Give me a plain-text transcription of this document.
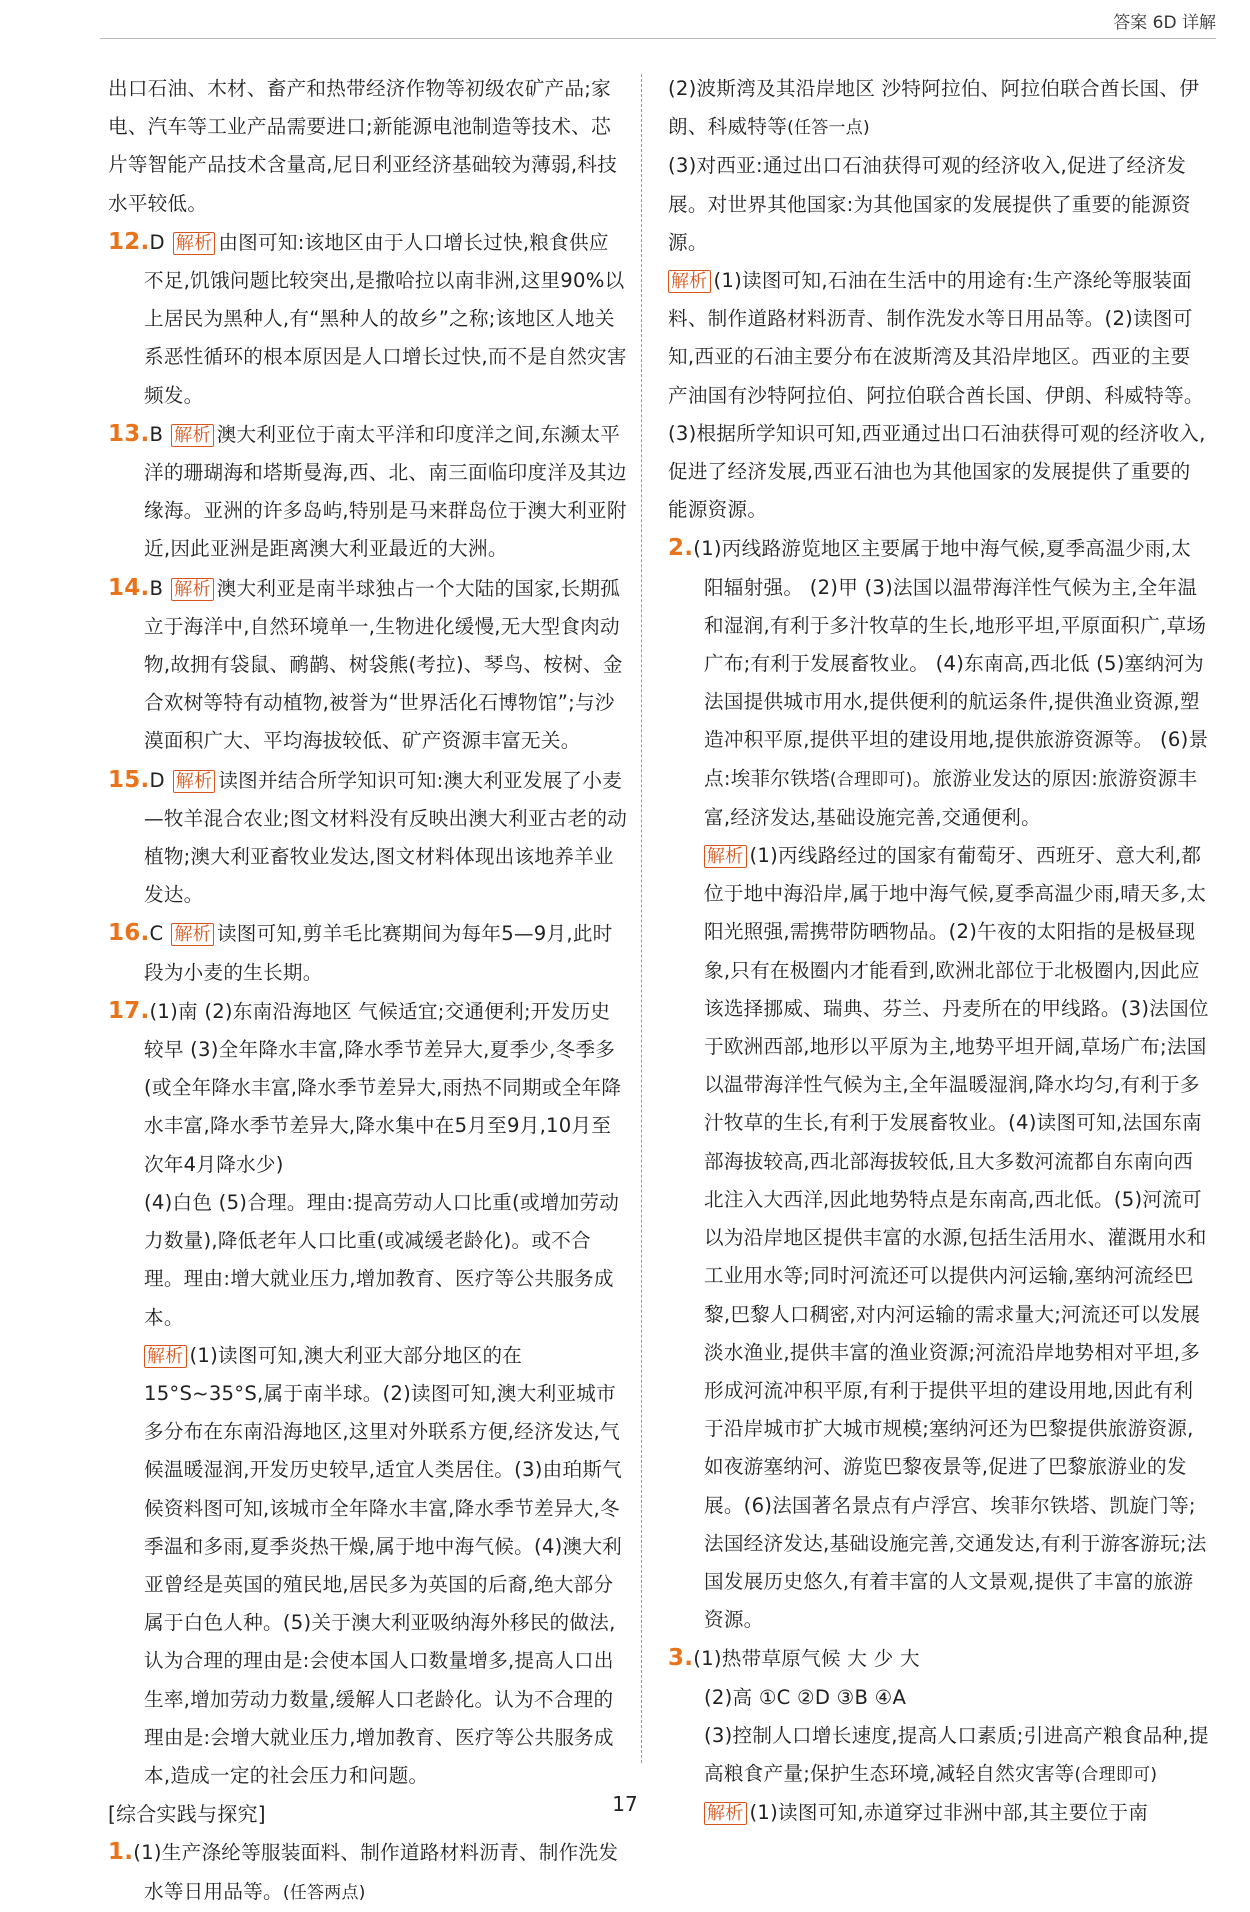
答案 6D 详解

出口石油、木材、畜产和热带经济作物等初级农矿产品;家电、汽车等工业产品需要进口;新能源电池制造等技术、芯片等智能产品技术含量高,尼日利亚经济基础较为薄弱,科技水平较低。

12.D 解析 由图可知:该地区由于人口增长过快,粮食供应不足,饥饿问题比较突出,是撒哈拉以南非洲,这里90%以上居民为黑种人,有“黑种人的故乡”之称;该地区人地关系恶性循环的根本原因是人口增长过快,而不是自然灾害频发。

13.B 解析 澳大利亚位于南太平洋和印度洋之间,东濒太平洋的珊瑚海和塔斯曼海,西、北、南三面临印度洋及其边缘海。亚洲的许多岛屿,特别是马来群岛位于澳大利亚附近,因此亚洲是距离澳大利亚最近的大洲。

14.B 解析 澳大利亚是南半球独占一个大陆的国家,长期孤立于海洋中,自然环境单一,生物进化缓慢,无大型食肉动物,故拥有袋鼠、鸸鹋、树袋熊(考拉)、琴鸟、桉树、金合欢树等特有动植物,被誉为“世界活化石博物馆”;与沙漠面积广大、平均海拔较低、矿产资源丰富无关。

15.D 解析 读图并结合所学知识可知:澳大利亚发展了小麦—牧羊混合农业;图文材料没有反映出澳大利亚古老的动植物;澳大利亚畜牧业发达,图文材料体现出该地养羊业发达。

16.C 解析 读图可知,剪羊毛比赛期间为每年5—9月,此时段为小麦的生长期。

17.(1)南 (2)东南沿海地区 气候适宜;交通便利;开发历史较早 (3)全年降水丰富,降水季节差异大,夏季少,冬季多(或全年降水丰富,降水季节差异大,雨热不同期或全年降水丰富,降水季节差异大,降水集中在5月至9月,10月至次年4月降水少)

(4)白色 (5)合理。理由:提高劳动人口比重(或增加劳动力数量),降低老年人口比重(或减缓老龄化)。或不合理。理由:增大就业压力,增加教育、医疗等公共服务成本。

解析 (1)读图可知,澳大利亚大部分地区的在15°S~35°S,属于南半球。(2)读图可知,澳大利亚城市多分布在东南沿海地区,这里对外联系方便,经济发达,气候温暖湿润,开发历史较早,适宜人类居住。(3)由珀斯气候资料图可知,该城市全年降水丰富,降水季节差异大,冬季温和多雨,夏季炎热干燥,属于地中海气候。(4)澳大利亚曾经是英国的殖民地,居民多为英国的后裔,绝大部分属于白色人种。(5)关于澳大利亚吸纳海外移民的做法,认为合理的理由是:会使本国人口数量增多,提高人口出生率,增加劳动力数量,缓解人口老龄化。认为不合理的理由是:会增大就业压力,增加教育、医疗等公共服务成本,造成一定的社会压力和问题。

[综合实践与探究]

1.(1)生产涤纶等服装面料、制作道路材料沥青、制作洗发水等日用品等。(任答两点)

(2)波斯湾及其沿岸地区 沙特阿拉伯、阿拉伯联合酋长国、伊朗、科威特等(任答一点)

(3)对西亚:通过出口石油获得可观的经济收入,促进了经济发展。对世界其他国家:为其他国家的发展提供了重要的能源资源。

解析 (1)读图可知,石油在生活中的用途有:生产涤纶等服装面料、制作道路材料沥青、制作洗发水等日用品等。(2)读图可知,西亚的石油主要分布在波斯湾及其沿岸地区。西亚的主要产油国有沙特阿拉伯、阿拉伯联合酋长国、伊朗、科威特等。(3)根据所学知识可知,西亚通过出口石油获得可观的经济收入,促进了经济发展,西亚石油也为其他国家的发展提供了重要的能源资源。

2.(1)丙线路游览地区主要属于地中海气候,夏季高温少雨,太阳辐射强。 (2)甲 (3)法国以温带海洋性气候为主,全年温和湿润,有利于多汁牧草的生长,地形平坦,平原面积广,草场广布;有利于发展畜牧业。 (4)东南高,西北低 (5)塞纳河为法国提供城市用水,提供便利的航运条件,提供渔业资源,塑造冲积平原,提供平坦的建设用地,提供旅游资源等。 (6)景点:埃菲尔铁塔(合理即可)。旅游业发达的原因:旅游资源丰富,经济发达,基础设施完善,交通便利。

解析 (1)丙线路经过的国家有葡萄牙、西班牙、意大利,都位于地中海沿岸,属于地中海气候,夏季高温少雨,晴天多,太阳光照强,需携带防晒物品。(2)午夜的太阳指的是极昼现象,只有在极圈内才能看到,欧洲北部位于北极圈内,因此应该选择挪威、瑞典、芬兰、丹麦所在的甲线路。(3)法国位于欧洲西部,地形以平原为主,地势平坦开阔,草场广布;法国以温带海洋性气候为主,全年温暖湿润,降水均匀,有利于多汁牧草的生长,有利于发展畜牧业。(4)读图可知,法国东南部海拔较高,西北部海拔较低,且大多数河流都自东南向西北注入大西洋,因此地势特点是东南高,西北低。(5)河流可以为沿岸地区提供丰富的水源,包括生活用水、灌溉用水和工业用水等;同时河流还可以提供内河运输,塞纳河流经巴黎,巴黎人口稠密,对内河运输的需求量大;河流还可以发展淡水渔业,提供丰富的渔业资源;河流沿岸地势相对平坦,多形成河流冲积平原,有利于提供平坦的建设用地,因此有利于沿岸城市扩大城市规模;塞纳河还为巴黎提供旅游资源,如夜游塞纳河、游览巴黎夜景等,促进了巴黎旅游业的发展。(6)法国著名景点有卢浮宫、埃菲尔铁塔、凯旋门等;法国经济发达,基础设施完善,交通发达,有利于游客游玩;法国发展历史悠久,有着丰富的人文景观,提供了丰富的旅游资源。

3.(1)热带草原气候 大 少 大

(2)高 ①C ②D ③B ④A

(3)控制人口增长速度,提高人口素质;引进高产粮食品种,提高粮食产量;保护生态环境,减轻自然灾害等(合理即可)

解析 (1)读图可知,赤道穿过非洲中部,其主要位于南

17
